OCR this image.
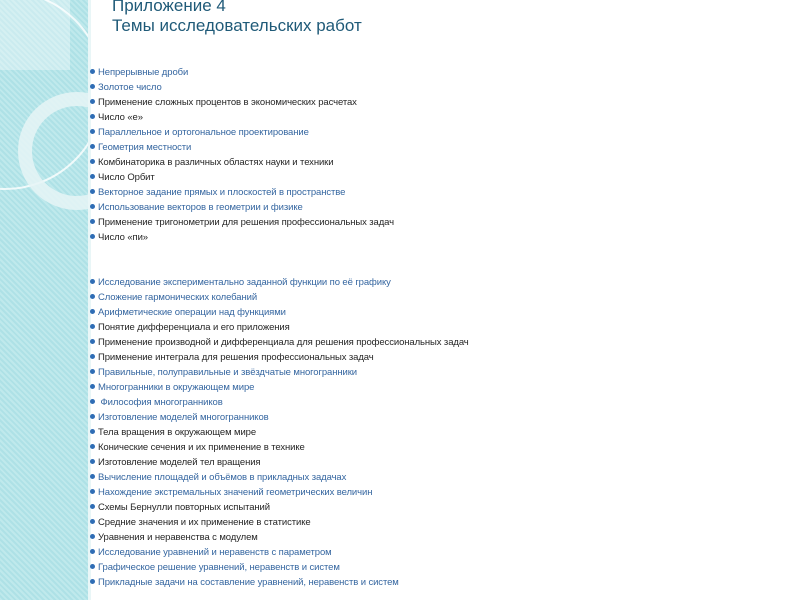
Приложение 4
Темы исследовательских работ
Непрерывные дроби
Золотое число
Применение сложных процентов в экономических расчетах
Число «е»
Параллельное и ортогональное проектирование
Геометрия местности
Комбинаторика в различных областях науки и техники
Число Орбит
Векторное задание прямых и плоскостей в пространстве
Использование векторов в геометрии и физике
Применение тригонометрии для решения профессиональных задач
Число «пи»
Исследование экспериментально заданной функции по её графику
Сложение гармонических колебаний
Арифметические операции над функциями
Понятие дифференциала и его приложения
Применение производной и дифференциала для решения профессиональных задач
Применение интеграла для решения профессиональных задач
Правильные, полуправильные и звёздчатые многогранники
Многогранники в окружающем мире
Философия многогранников
Изготовление моделей многогранников
Тела вращения в окружающем мире
Конические сечения и их применение в технике
Изготовление моделей тел вращения
Вычисление площадей и объёмов в прикладных задачах
Нахождение экстремальных значений геометрических величин
Схемы Бернулли повторных испытаний
Средние значения и их применение в статистике
Уравнения и неравенства с модулем
Исследование уравнений и неравенств с параметром
Графическое решение уравнений, неравенств и систем
Прикладные задачи на составление уравнений, неравенств и систем
